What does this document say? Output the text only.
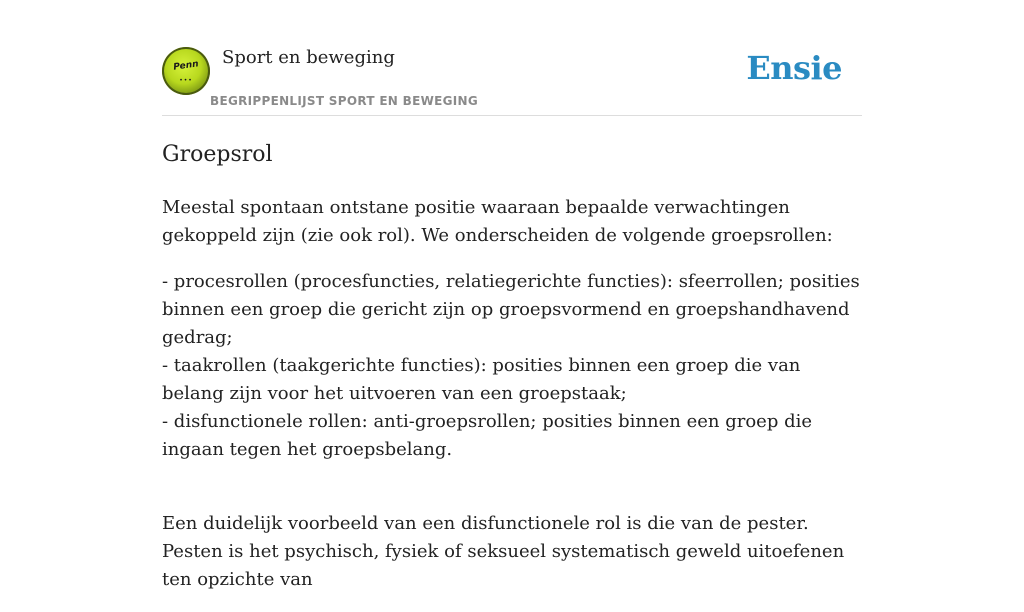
Penn
•••
Sport en beweging
BEGRIPPENLIJST SPORT EN BEWEGING
Ensie
Groepsrol

Meestal spontaan ontstane positie waaraan bepaalde verwachtingen gekoppeld zijn (zie ook rol). We onderscheiden de volgende groepsrollen:

- procesrollen (procesfuncties, relatiegerichte functies): sfeerrollen; posities binnen een groep die gericht zijn op groepsvormend en groepshandhavend gedrag;

- taakrollen (taakgerichte functies): posities binnen een groep die van belang zijn voor het uitvoeren van een groepstaak;

- disfunctionele rollen: anti-groepsrollen; posities binnen een groep die ingaan tegen het groepsbelang.

Een duidelijk voorbeeld van een disfunctionele rol is die van de pester. Pesten is het psychisch, fysiek of seksueel systematisch geweld uitoefenen ten opzichte van
